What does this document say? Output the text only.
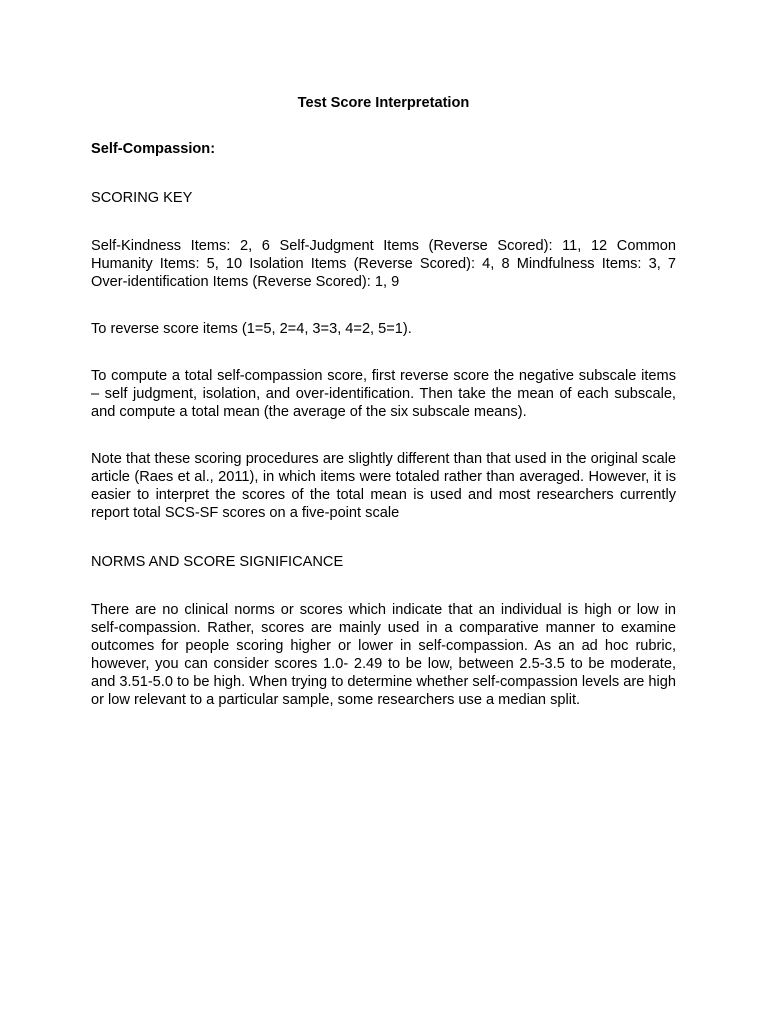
Test Score Interpretation

Self-Compassion:

SCORING KEY

Self-Kindness Items: 2, 6 Self-Judgment Items (Reverse Scored): 11, 12 Common Humanity Items: 5, 10 Isolation Items (Reverse Scored): 4, 8 Mindfulness Items: 3, 7 Over-identification Items (Reverse Scored): 1, 9

To reverse score items (1=5, 2=4, 3=3, 4=2, 5=1).

To compute a total self-compassion score, first reverse score the negative subscale items – self judgment, isolation, and over-identification. Then take the mean of each subscale, and compute a total mean (the average of the six subscale means).

Note that these scoring procedures are slightly different than that used in the original scale article (Raes et al., 2011), in which items were totaled rather than averaged. However, it is easier to interpret the scores of the total mean is used and most researchers currently report total SCS-SF scores on a five-point scale

NORMS AND SCORE SIGNIFICANCE

There are no clinical norms or scores which indicate that an individual is high or low in self-compassion. Rather, scores are mainly used in a comparative manner to examine outcomes for people scoring higher or lower in self-compassion. As an ad hoc rubric, however, you can consider scores 1.0- 2.49 to be low, between 2.5-3.5 to be moderate, and 3.51-5.0 to be high. When trying to determine whether self-compassion levels are high or low relevant to a particular sample, some researchers use a median split.
